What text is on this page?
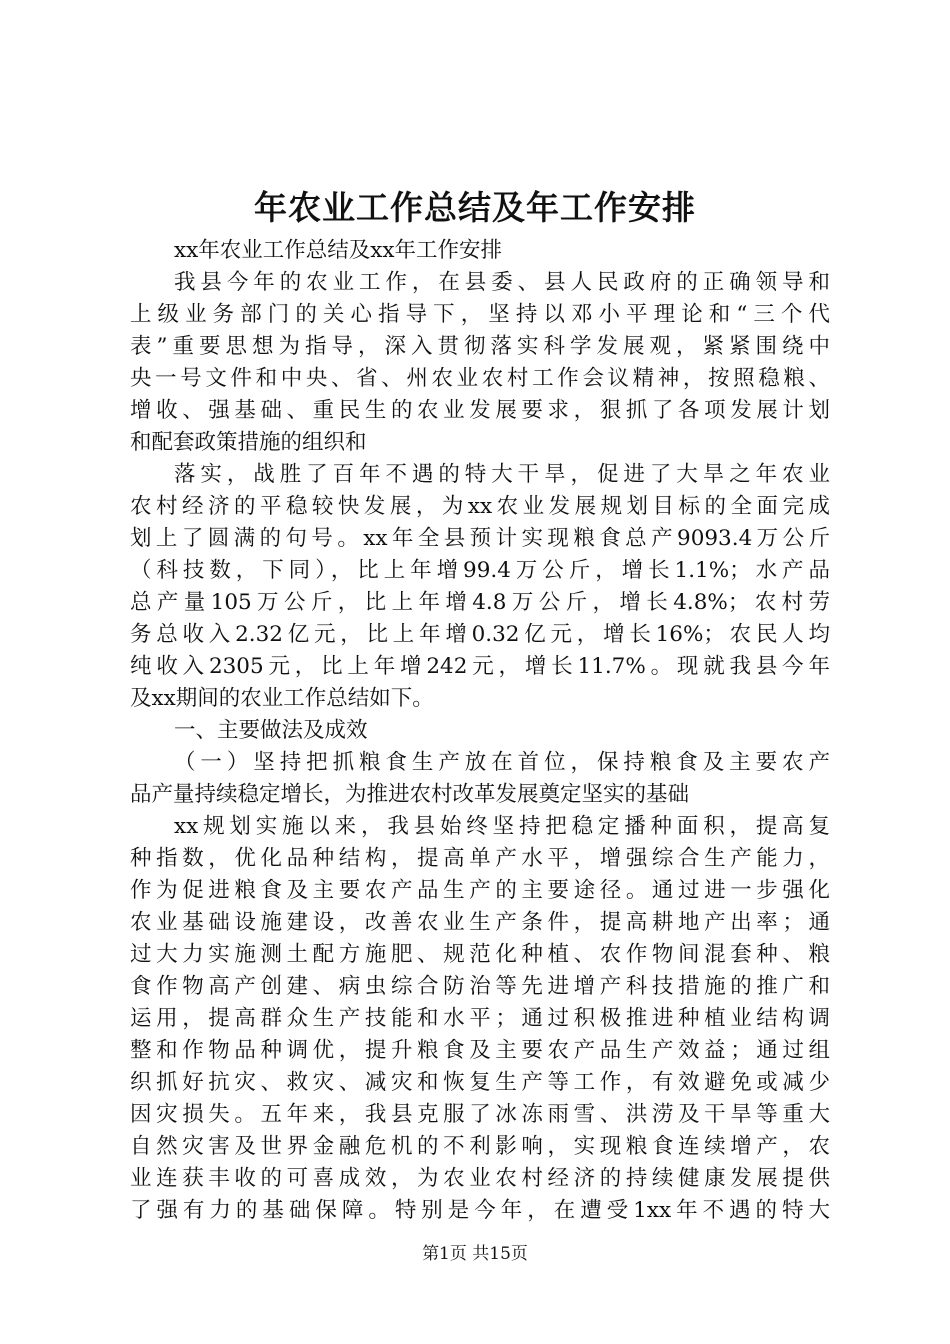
年农业工作总结及年工作安排
xx年农业工作总结及xx年工作安排
我县今年的农业工作，在县委、县人民政府的正确领导和
上级业务部门的关心指导下，坚持以邓小平理论和“三个代
表”重要思想为指导，深入贯彻落实科学发展观，紧紧围绕中
央一号文件和中央、省、州农业农村工作会议精神，按照稳粮、
增收、强基础、重民生的农业发展要求，狠抓了各项发展计划
和配套政策措施的组织和
落实，战胜了百年不遇的特大干旱，促进了大旱之年农业
农村经济的平稳较快发展，为xx农业发展规划目标的全面完成
划上了圆满的句号。xx年全县预计实现粮食总产9093.4万公斤
（科技数，下同），比上年增99.4万公斤，增长1.1%；水产品
总产量105万公斤，比上年增4.8万公斤，增长4.8%；农村劳
务总收入2.32亿元，比上年增0.32亿元，增长16%；农民人均
纯收入2305元，比上年增242元，增长11.7%。现就我县今年
及xx期间的农业工作总结如下。
一、主要做法及成效
（一）坚持把抓粮食生产放在首位，保持粮食及主要农产
品产量持续稳定增长，为推进农村改革发展奠定坚实的基础
xx规划实施以来，我县始终坚持把稳定播种面积，提高复
种指数，优化品种结构，提高单产水平，增强综合生产能力，
作为促进粮食及主要农产品生产的主要途径。通过进一步强化
农业基础设施建设，改善农业生产条件，提高耕地产出率；通
过大力实施测土配方施肥、规范化种植、农作物间混套种、粮
食作物高产创建、病虫综合防治等先进增产科技措施的推广和
运用，提高群众生产技能和水平；通过积极推进种植业结构调
整和作物品种调优，提升粮食及主要农产品生产效益；通过组
织抓好抗灾、救灾、减灾和恢复生产等工作，有效避免或减少
因灾损失。五年来，我县克服了冰冻雨雪、洪涝及干旱等重大
自然灾害及世界金融危机的不利影响，实现粮食连续增产，农
业连获丰收的可喜成效，为农业农村经济的持续健康发展提供
了强有力的基础保障。特别是今年，在遭受1xx年不遇的特大
第1页 共15页
